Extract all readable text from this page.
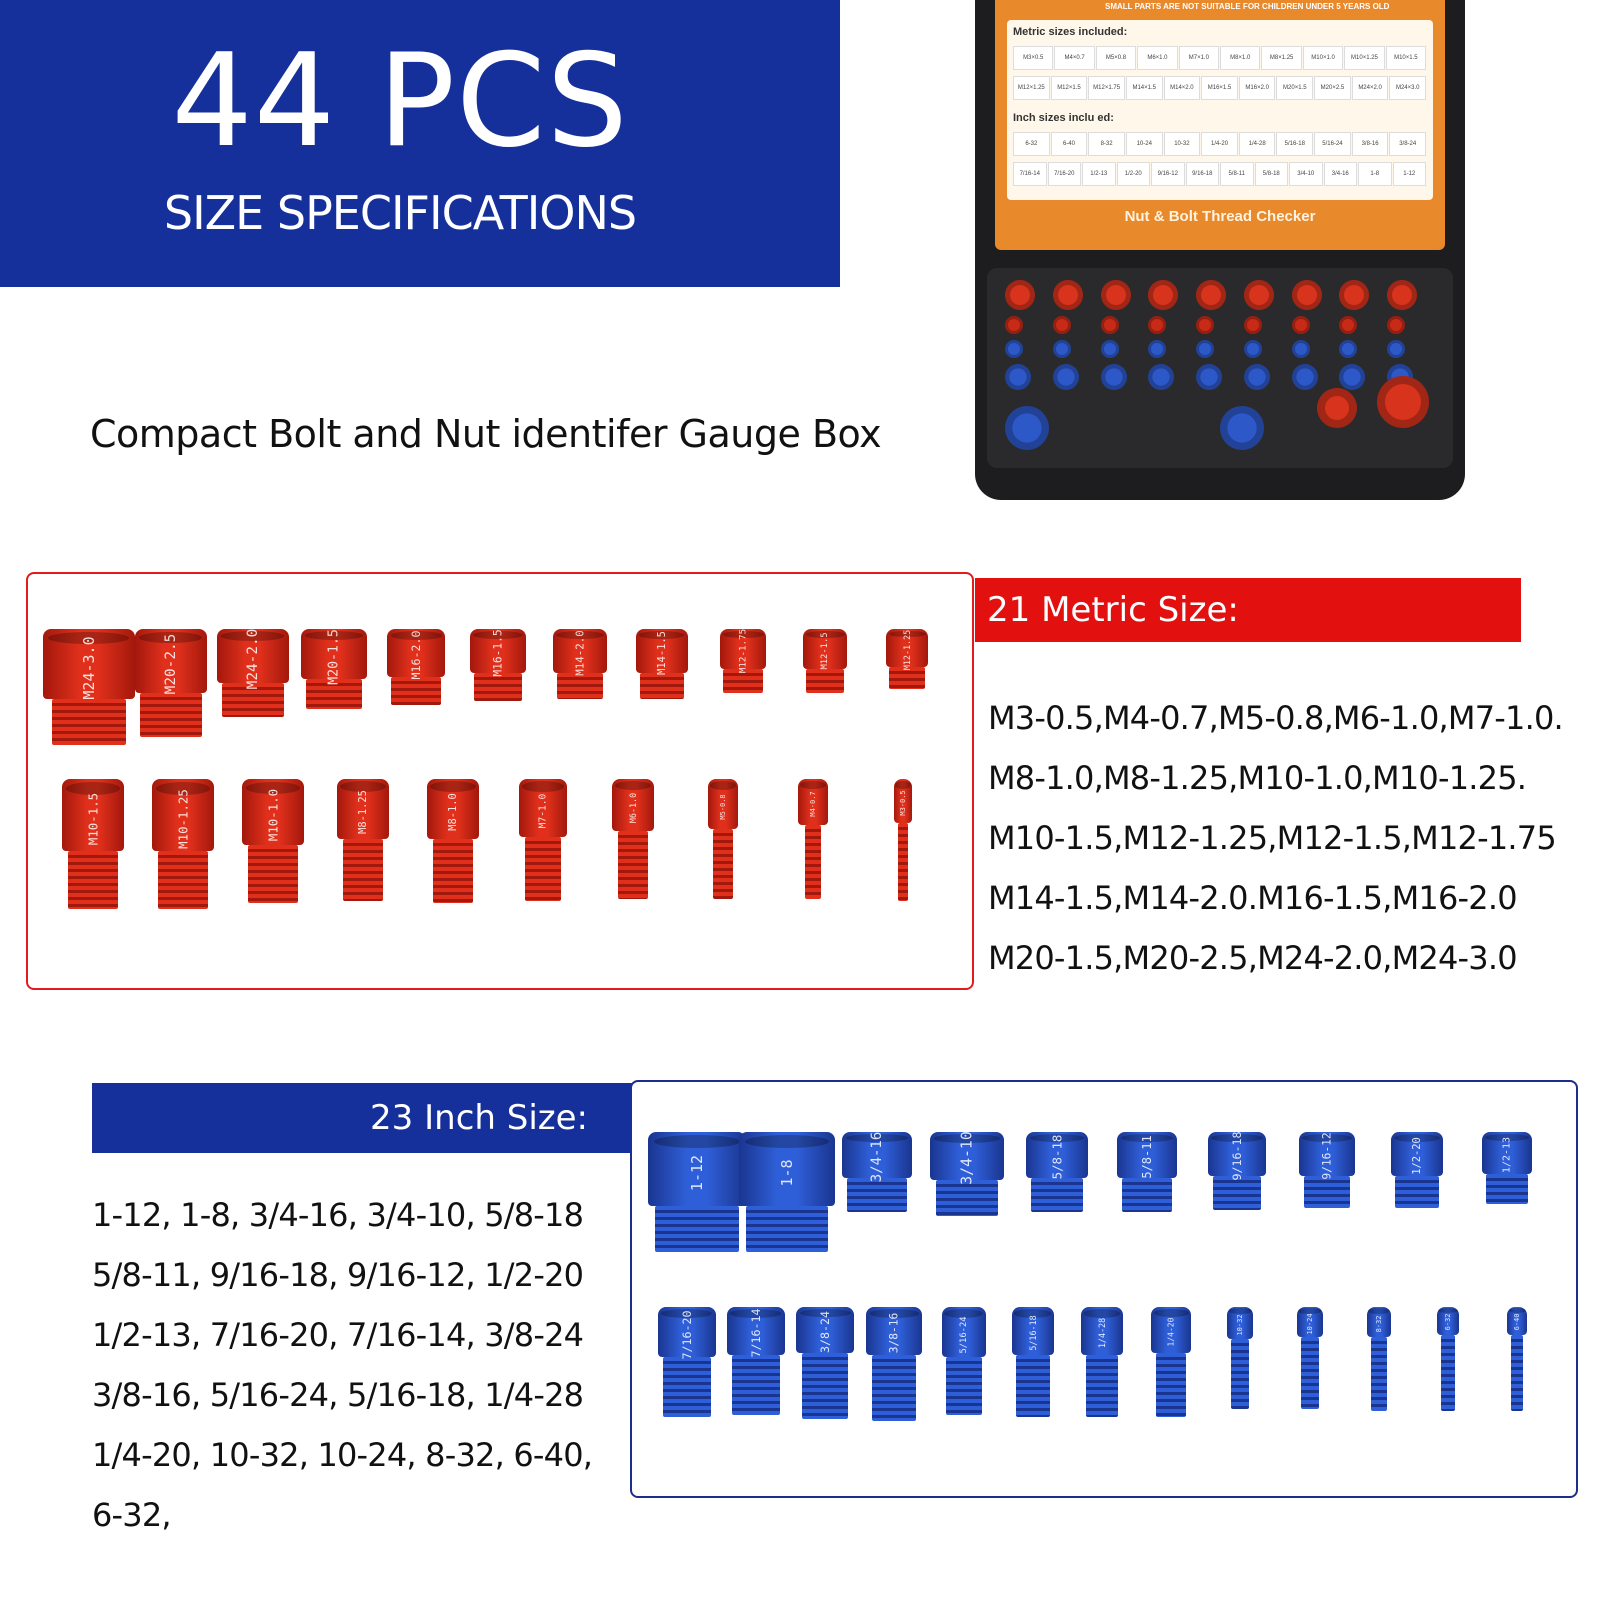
44 PCS
SIZE SPECIFICATIONS
Compact Bolt and Nut identifer Gauge Box
SMALL PARTS ARE NOT SUITABLE FOR CHILDREN UNDER 5 YEARS OLD
Metric sizes included:
M3×0.5	M4×0.7	M5×0.8	M6×1.0	M7×1.0	M8×1.0	M8×1.25	M10×1.0	M10×1.25	M10×1.5
M12×1.25	M12×1.5	M12×1.75	M14×1.5	M14×2.0	M16×1.5	M16×2.0	M20×1.5	M20×2.5	M24×2.0	M24×3.0
Inch sizes inclu ed:
6-32	6-40	8-32	10-24	10-32	1/4-20	1/4-28	5/16-18	5/16-24	3/8-16	3/8-24
7/16-14	7/16-20	1/2-13	1/2-20	9/16-12	9/16-18	5/8-11	5/8-18	3/4-10	3/4-16	1-8	1-12
Nut & Bolt Thread Checker
M24-3.0	M20-2.5	M24-2.0	M20-1.5	M16-2.0	M16-1.5	M14-2.0	M14-1.5	M12-1.75	M12-1.5	M12-1.25
M10-1.5	M10-1.25	M10-1.0	M8-1.25	M8-1.0	M7-1.0	M6-1.0	M5-0.8	M4-0.7	M3-0.5
21 Metric Size:
M3-0.5,M4-0.7,M5-0.8,M6-1.0,M7-1.0.
M8-1.0,M8-1.25,M10-1.0,M10-1.25.
M10-1.5,M12-1.25,M12-1.5,M12-1.75
M14-1.5,M14-2.0.M16-1.5,M16-2.0
M20-1.5,M20-2.5,M24-2.0,M24-3.0
1-12	1-8	3/4-16	3/4-10	5/8-18	5/8-11	9/16-18	9/16-12	1/2-20	1/2-13
7/16-20	7/16-14	3/8-24	3/8-16	5/16-24	5/16-18	1/4-28	1/4-20	10-32	10-24	8-32	6-32	6-40
23 Inch Size:
1-12, 1-8, 3/4-16, 3/4-10, 5/8-18
5/8-11, 9/16-18, 9/16-12, 1/2-20
1/2-13, 7/16-20, 7/16-14, 3/8-24
3/8-16, 5/16-24, 5/16-18, 1/4-28
1/4-20, 10-32, 10-24, 8-32, 6-40,
6-32,
